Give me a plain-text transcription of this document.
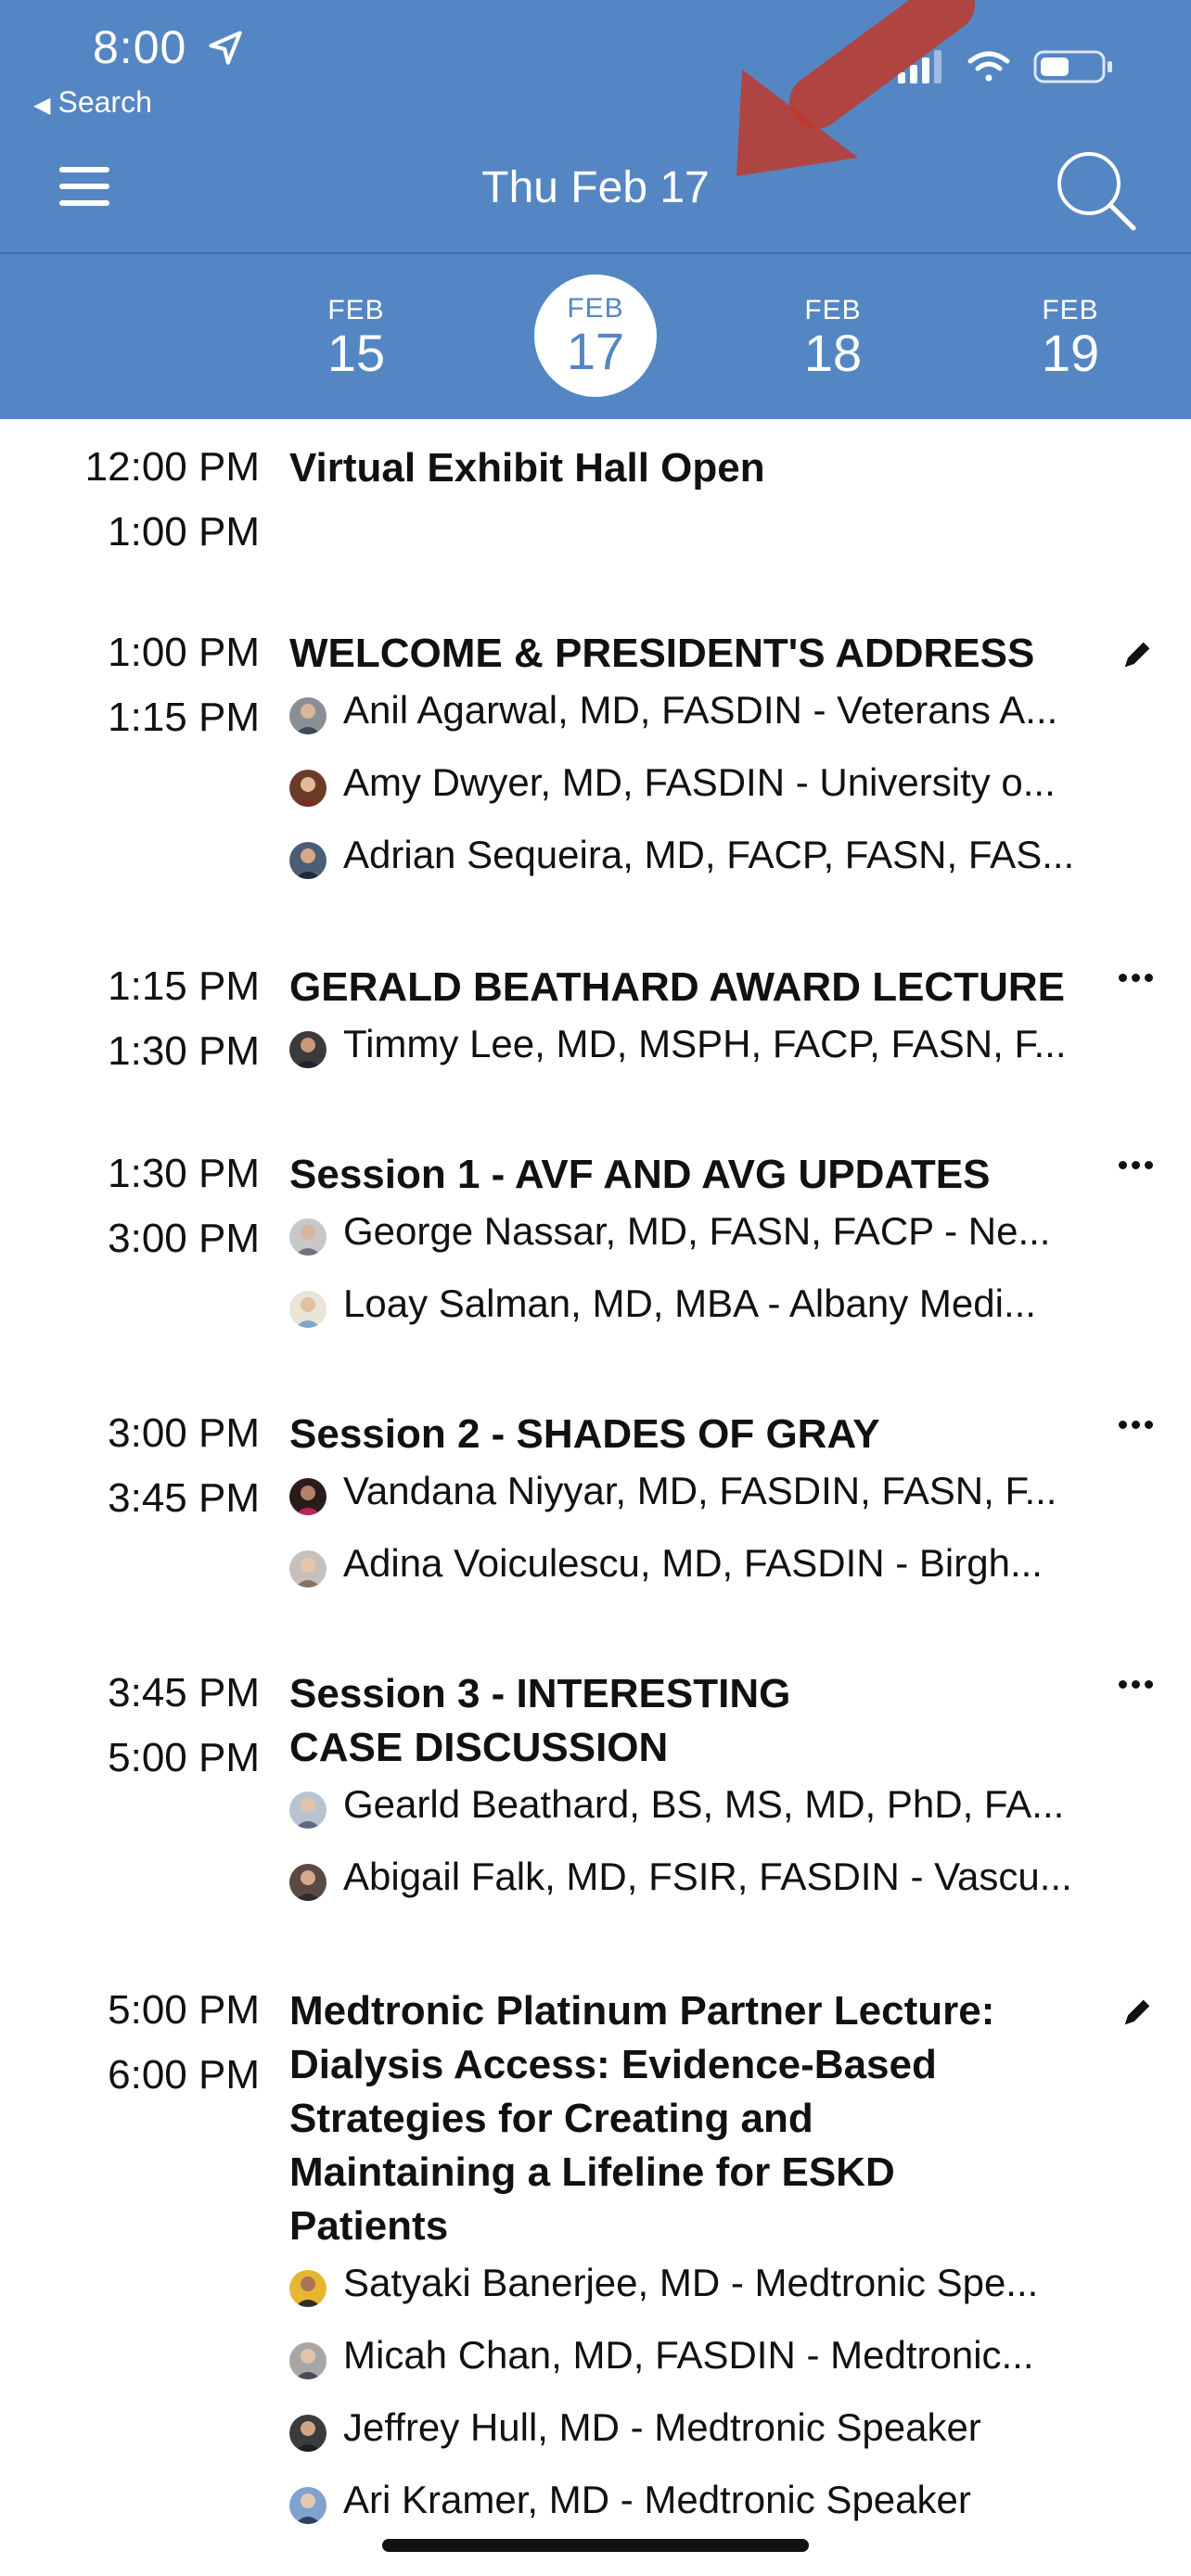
8:00
◀ Search
Thu Feb 17
FEB
15
FEB
17
FEB
18
FEB
19
12:00 PM
1:00 PM
Virtual Exhibit Hall Open
1:00 PM
1:15 PM
WELCOME & PRESIDENT'S ADDRESS
Anil Agarwal, MD, FASDIN - Veterans A...
Amy Dwyer, MD, FASDIN - University o...
Adrian Sequeira, MD, FACP, FASN, FAS...
1:15 PM
1:30 PM
GERALD BEATHARD AWARD LECTURE
Timmy Lee, MD, MSPH, FACP, FASN, F...
1:30 PM
3:00 PM
Session 1 - AVF AND AVG UPDATES
George Nassar, MD, FASN, FACP - Ne...
Loay Salman, MD, MBA - Albany Medi...
3:00 PM
3:45 PM
Session 2 - SHADES OF GRAY
Vandana Niyyar, MD, FASDIN, FASN, F...
Adina Voiculescu, MD, FASDIN - Birgh...
3:45 PM
5:00 PM
Session 3 - INTERESTING
CASE DISCUSSION
Gearld Beathard, BS, MS, MD, PhD, FA...
Abigail Falk, MD, FSIR, FASDIN - Vascu...
5:00 PM
6:00 PM
Medtronic Platinum Partner Lecture:
Dialysis Access: Evidence-Based
Strategies for Creating and
Maintaining a Lifeline for ESKD
Patients
Satyaki Banerjee, MD - Medtronic Spe...
Micah Chan, MD, FASDIN - Medtronic...
Jeffrey Hull, MD - Medtronic Speaker
Ari Kramer, MD - Medtronic Speaker
